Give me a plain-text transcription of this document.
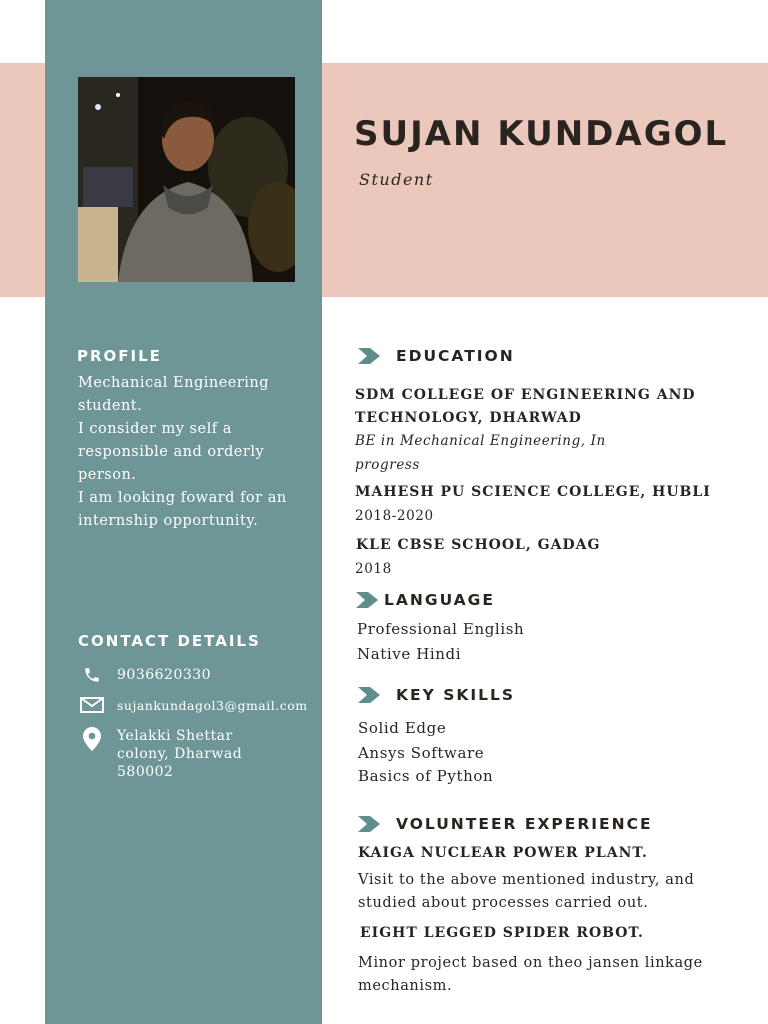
SUJAN KUNDAGOL
Student
PROFILE
Mechanical Engineering student.
I consider my self a responsible and orderly person.
I am looking foward for an internship opportunity.
CONTACT DETAILS
9036620330
sujankundagol3@gmail.com
Yelakki Shettar colony, Dharwad 580002
EDUCATION
SDM COLLEGE OF ENGINEERING AND TECHNOLOGY, DHARWAD
BE in Mechanical Engineering, In progress
MAHESH PU SCIENCE COLLEGE, HUBLI
2018-2020
KLE CBSE SCHOOL, GADAG
2018
LANGUAGE
Professional English
Native Hindi
KEY SKILLS
Solid Edge
Ansys Software
Basics of Python
VOLUNTEER EXPERIENCE
KAIGA NUCLEAR POWER PLANT.
Visit to the above mentioned industry, and studied about processes carried out.
EIGHT LEGGED SPIDER ROBOT.
Minor project based on theo jansen linkage mechanism.
